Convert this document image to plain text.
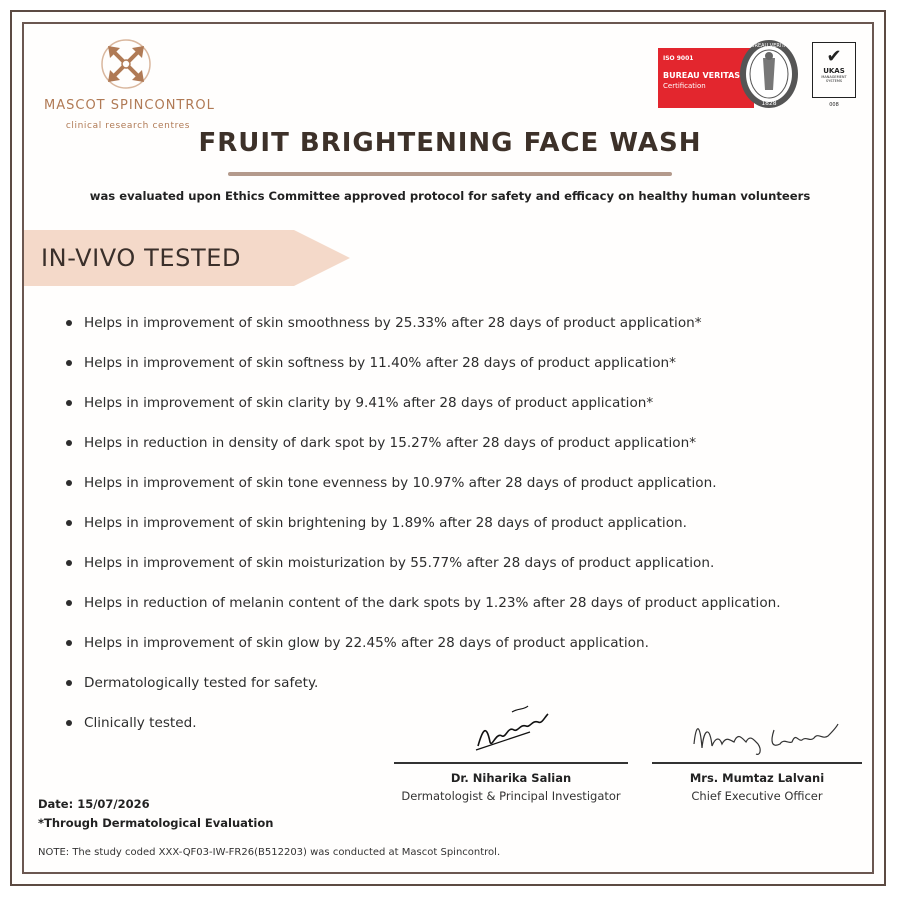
MASCOT SPINCONTROL
clinical research centres
ISO 9001
BUREAU VERITAS
Certification
BUREAU VERITAS
1828
✔
UKAS
MANAGEMENT
SYSTEMS
008
FRUIT BRIGHTENING FACE WASH
was evaluated upon Ethics Committee approved protocol for safety and efficacy on healthy human volunteers
IN-VIVO TESTED
Helps in improvement of skin smoothness by 25.33% after 28 days of product application*
Helps in improvement of skin softness by 11.40% after 28 days of product application*
Helps in improvement of skin clarity by 9.41% after 28 days of product application*
Helps in reduction in density of dark spot by 15.27% after 28 days of product application*
Helps in improvement of skin tone evenness by 10.97% after 28 days of product application.
Helps in improvement of skin brightening by 1.89% after 28 days of product application.
Helps in improvement of skin moisturization by 55.77% after 28 days of product application.
Helps in reduction of melanin content of the dark spots by 1.23% after 28 days of product application.
Helps in improvement of skin glow by 22.45% after 28 days of product application.
Dermatologically tested for safety.
Clinically tested.
Dr. Niharika Salian
Dermatologist & Principal Investigator
Mrs. Mumtaz Lalvani
Chief Executive Officer
Date: 15/07/2026
*Through Dermatological Evaluation
NOTE: The study coded XXX-QF03-IW-FR26(B512203) was conducted at Mascot Spincontrol.
